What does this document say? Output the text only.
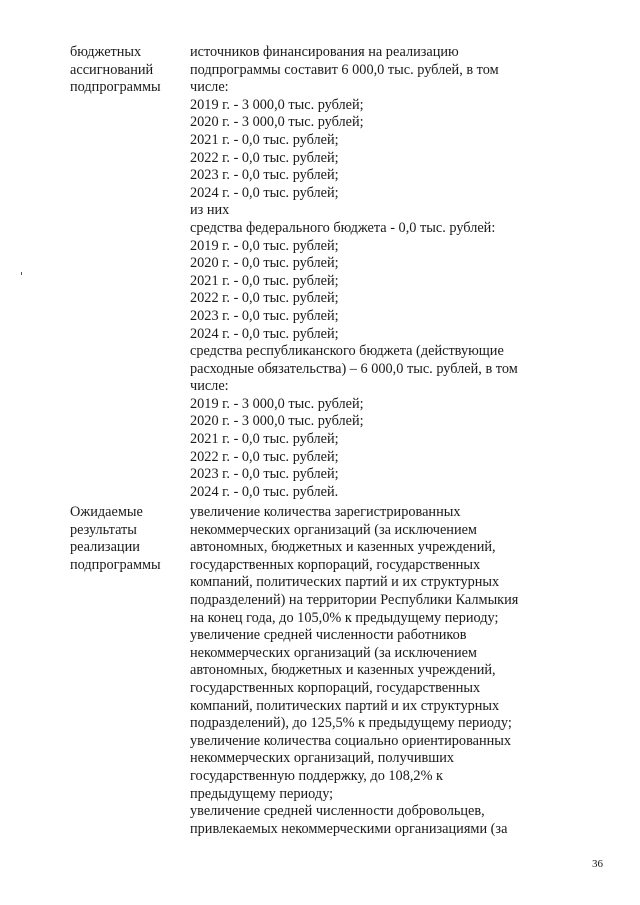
бюджетных
ассигнований
подпрограммы
источников финансирования на реализацию
подпрограммы составит 6 000,0 тыс. рублей, в том
числе:
2019 г. - 3 000,0 тыс. рублей;
2020 г. - 3 000,0 тыс. рублей;
2021 г. - 0,0 тыс. рублей;
2022 г. - 0,0 тыс. рублей;
2023 г. - 0,0 тыс. рублей;
2024 г. - 0,0 тыс. рублей;
из них
средства федерального бюджета - 0,0 тыс. рублей:
2019 г. - 0,0 тыс. рублей;
2020 г. - 0,0 тыс. рублей;
2021 г. - 0,0 тыс. рублей;
2022 г. - 0,0 тыс. рублей;
2023 г. - 0,0 тыс. рублей;
2024 г. - 0,0 тыс. рублей;
средства республиканского бюджета (действующие
расходные обязательства) – 6 000,0 тыс. рублей, в том
числе:
2019 г. - 3 000,0 тыс. рублей;
2020 г. - 3 000,0 тыс. рублей;
2021 г. - 0,0 тыс. рублей;
2022 г. - 0,0 тыс. рублей;
2023 г. - 0,0 тыс. рублей;
2024 г. - 0,0 тыс. рублей.
Ожидаемые
результаты
реализации
подпрограммы
увеличение количества зарегистрированных
некоммерческих организаций (за исключением
автономных, бюджетных и казенных учреждений,
государственных корпораций, государственных
компаний, политических партий и их структурных
подразделений) на территории Республики Калмыкия
на конец года, до 105,0% к предыдущему периоду;
увеличение средней численности работников
некоммерческих организаций (за исключением
автономных, бюджетных и казенных учреждений,
государственных корпораций, государственных
компаний, политических партий и их структурных
подразделений), до 125,5% к предыдущему периоду;
увеличение количества социально ориентированных
некоммерческих организаций, получивших
государственную поддержку, до 108,2% к
предыдущему периоду;
увеличение средней численности добровольцев,
привлекаемых некоммерческими организациями (за
36
